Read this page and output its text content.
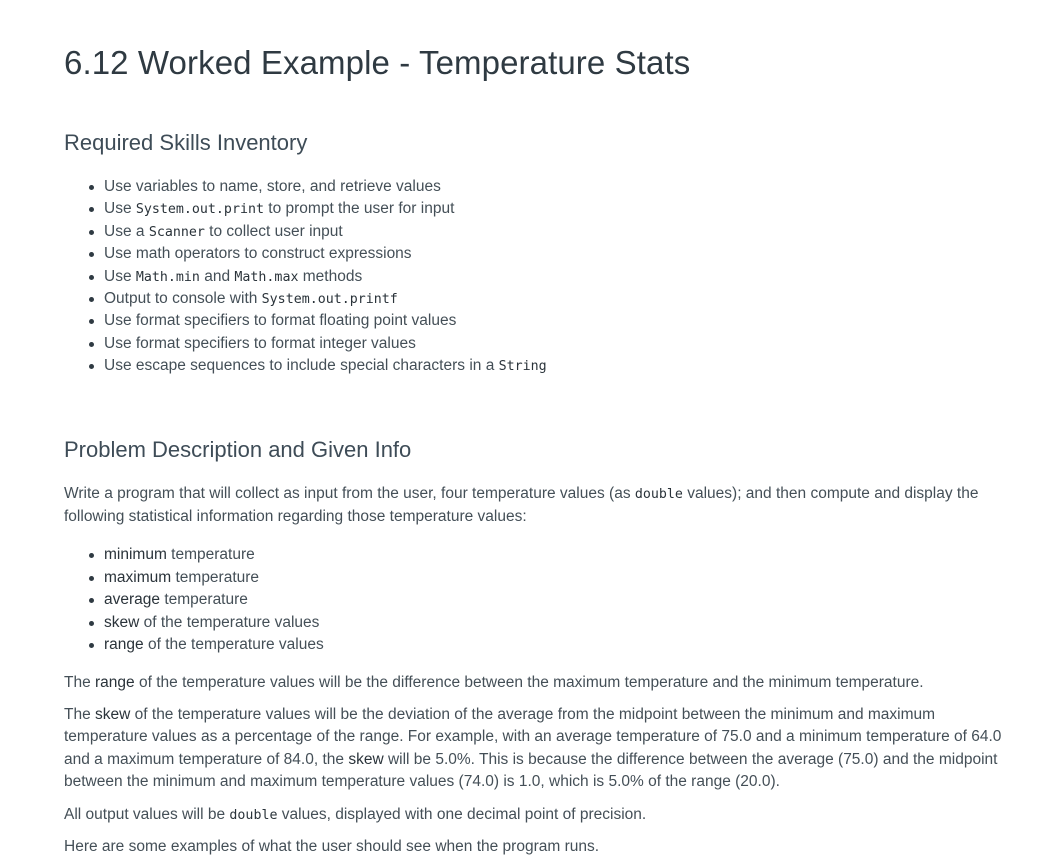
6.12 Worked Example - Temperature Stats
Required Skills Inventory
Use variables to name, store, and retrieve values
Use System.out.print to prompt the user for input
Use a Scanner to collect user input
Use math operators to construct expressions
Use Math.min and Math.max methods
Output to console with System.out.printf
Use format specifiers to format floating point values
Use format specifiers to format integer values
Use escape sequences to include special characters in a String
Problem Description and Given Info

Write a program that will collect as input from the user, four temperature values (as double values); and then compute and display the following statistical information regarding those temperature values:

minimum temperature
maximum temperature
average temperature
skew of the temperature values
range of the temperature values

The range of the temperature values will be the difference between the maximum temperature and the minimum temperature.

The skew of the temperature values will be the deviation of the average from the midpoint between the minimum and maximum temperature values as a percentage of the range. For example, with an average temperature of 75.0 and a minimum temperature of 64.0 and a maximum temperature of 84.0, the skew will be 5.0%. This is because the difference between the average (75.0) and the midpoint between the minimum and maximum temperature values (74.0) is 1.0, which is 5.0% of the range (20.0).

All output values will be double values, displayed with one decimal point of precision.

Here are some examples of what the user should see when the program runs.
